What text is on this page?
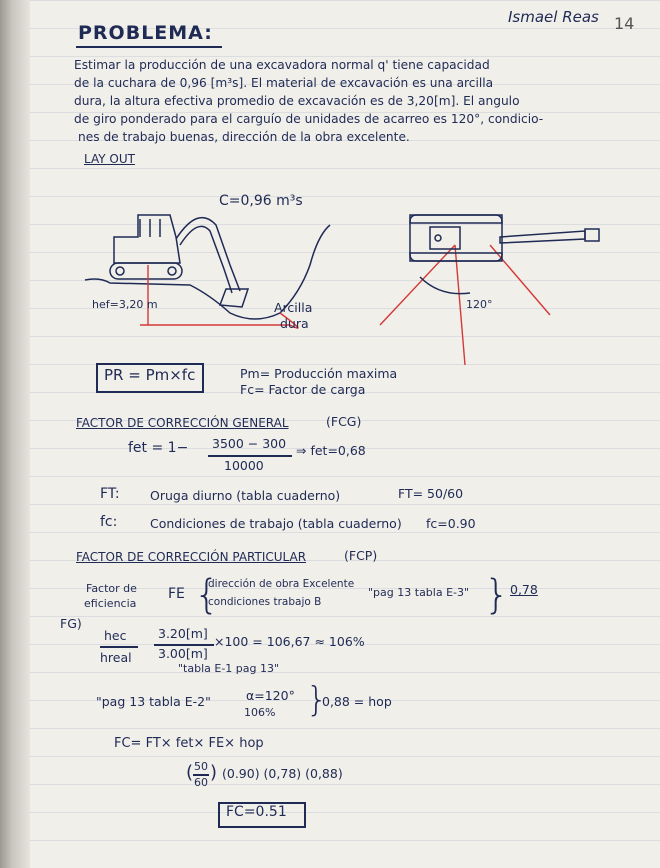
Ismael Reas 14
PROBLEMA:
Estimar la producción de una excavadora normal q' tiene capacidad
de la cuchara de 0,96 [m³s]. El material de excavación es una arcilla
dura, la altura efectiva promedio de excavación es de 3,20[m]. El angulo
de giro ponderado para el carguío de unidades de acarreo es 120°, condicio-
nes de trabajo buenas, dirección de la obra excelente.
LAY OUT
C=0,96 m³s
hef=3,20 m	Arcilla
dura
120°
PR = Pm×fc	Pm= Producción maxima
Fc= Factor de carga
FACTOR DE CORRECCIÓN GENERAL	(FCG)
fet = 1− 3500 − 300
10000
⇒ fet=0,68
FT: Oruga diurno (tabla cuaderno)	FT= 50/60
fc:	Condiciones de trabajo (tabla cuaderno) fc=0.90
FACTOR DE CORRECCIÓN PARTICULAR	(FCP)
Factor de
eficiencia
FE {
dirección de obra Excelente
condiciones trabajo B
"pag 13 tabla E-3" } 0,78
FG)
hec
hreal
3.20[m]
3.00[m]
×100 = 106,67 ≈ 106%
"tabla E-1 pag 13"
"pag 13 tabla E-2"	α=120°
106% }
0,88 = hop
FC= FT× fet× FE× hop
( 50
60 ) (0.90) (0,78) (0,88)
FC=0.51
